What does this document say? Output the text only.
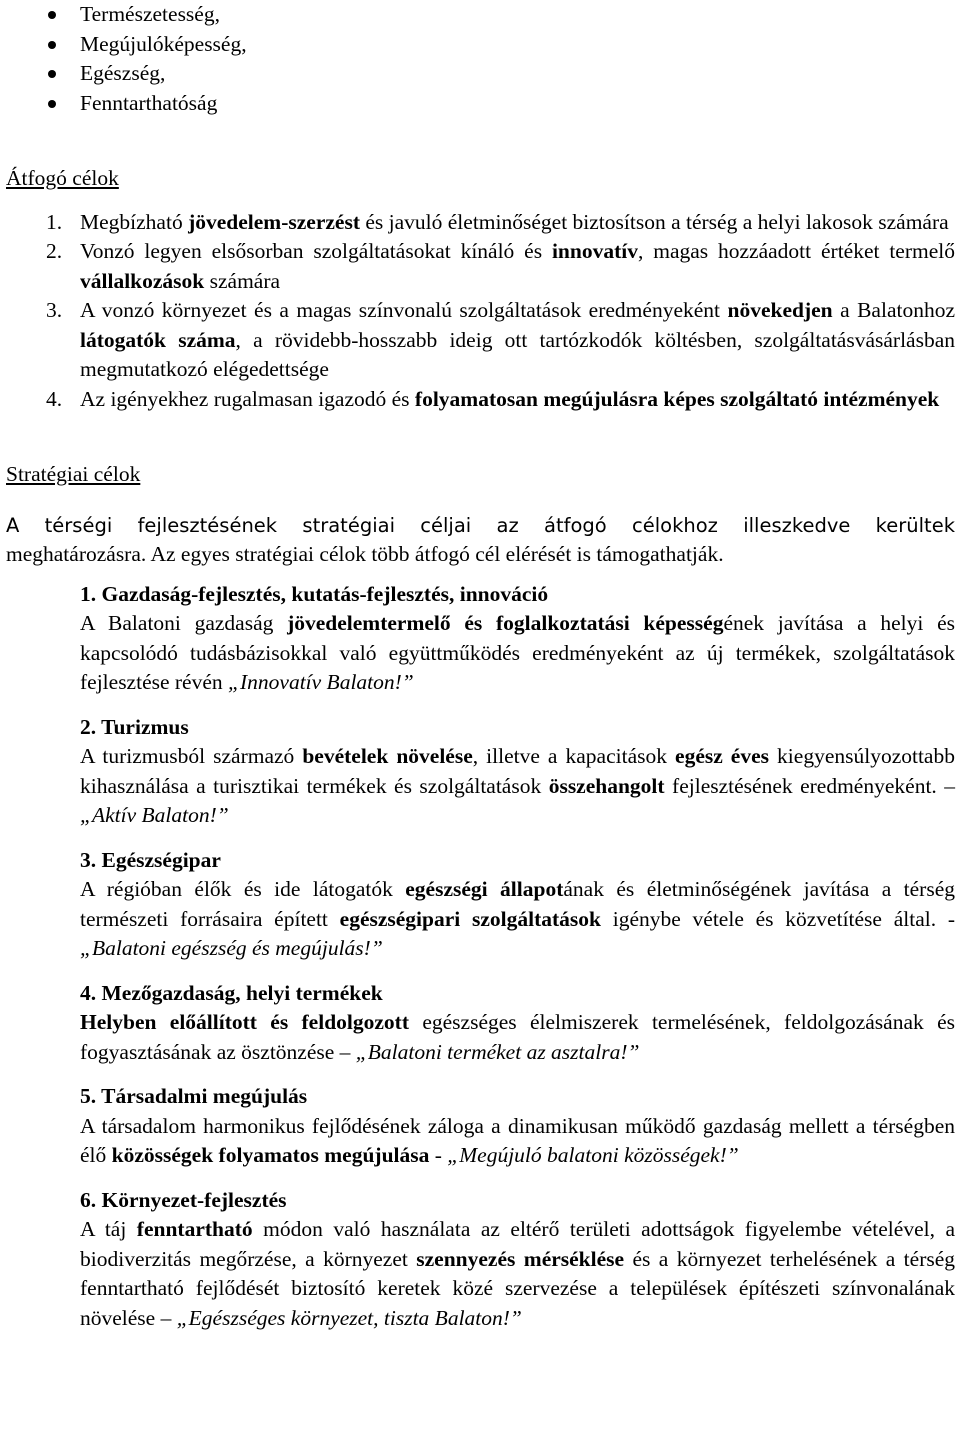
Természetesség,
Megújulóképesség,
Egészség,
Fenntarthatóság
Átfogó célok
1. Megbízható jövedelem-szerzést és javuló életminőséget biztosítson a térség a helyi lakosok számára
2. Vonzó legyen elsősorban szolgáltatásokat kínáló és innovatív, magas hozzáadott értéket termelő vállalkozások számára
3. A vonzó környezet és a magas színvonalú szolgáltatások eredményeként növekedjen a Balatonhoz látogatók száma, a rövidebb-hosszabb ideig ott tartózkodók költésben, szolgáltatásvásárlásban megmutatkozó elégedettsége
4. Az igényekhez rugalmasan igazodó és folyamatosan megújulásra képes szolgáltató intézmények
Stratégiai célok
A térségi fejlesztésének stratégiai céljai az átfogó célokhoz illeszkedve kerültek
meghatározásra. Az egyes stratégiai célok több átfogó cél elérését is támogathatják.
1. Gazdaság-fejlesztés, kutatás-fejlesztés, innováció
A Balatoni gazdaság jövedelemtermelő és foglalkoztatási képességének javítása a helyi és kapcsolódó tudásbázisokkal való együttműködés eredményeként az új termékek, szolgáltatások fejlesztése révén „Innovatív Balaton!”
2. Turizmus
A turizmusból származó bevételek növelése, illetve a kapacitások egész éves kiegyensúlyozottabb kihasználása a turisztikai termékek és szolgáltatások összehangolt fejlesztésének eredményeként. – „Aktív Balaton!”
3. Egészségipar
A régióban élők és ide látogatók egészségi állapotának és életminőségének javítása a térség természeti forrásaira épített egészségipari szolgáltatások igénybe vétele és közvetítése által. - „Balatoni egészség és megújulás!”
4. Mezőgazdaság, helyi termékek
Helyben előállított és feldolgozott egészséges élelmiszerek termelésének, feldolgozásának és fogyasztásának az ösztönzése – „Balatoni terméket az asztalra!”
5. Társadalmi megújulás
A társadalom harmonikus fejlődésének záloga a dinamikusan működő gazdaság mellett a térségben élő közösségek folyamatos megújulása - „Megújuló balatoni közösségek!”
6. Környezet-fejlesztés
A táj fenntartható módon való használata az eltérő területi adottságok figyelembe vételével, a biodiverzitás megőrzése, a környezet szennyezés mérséklése és a környezet terhelésének a térség fenntartható fejlődését biztosító keretek közé szervezése a települések építészeti színvonalának növelése – „Egészséges környezet, tiszta Balaton!”
